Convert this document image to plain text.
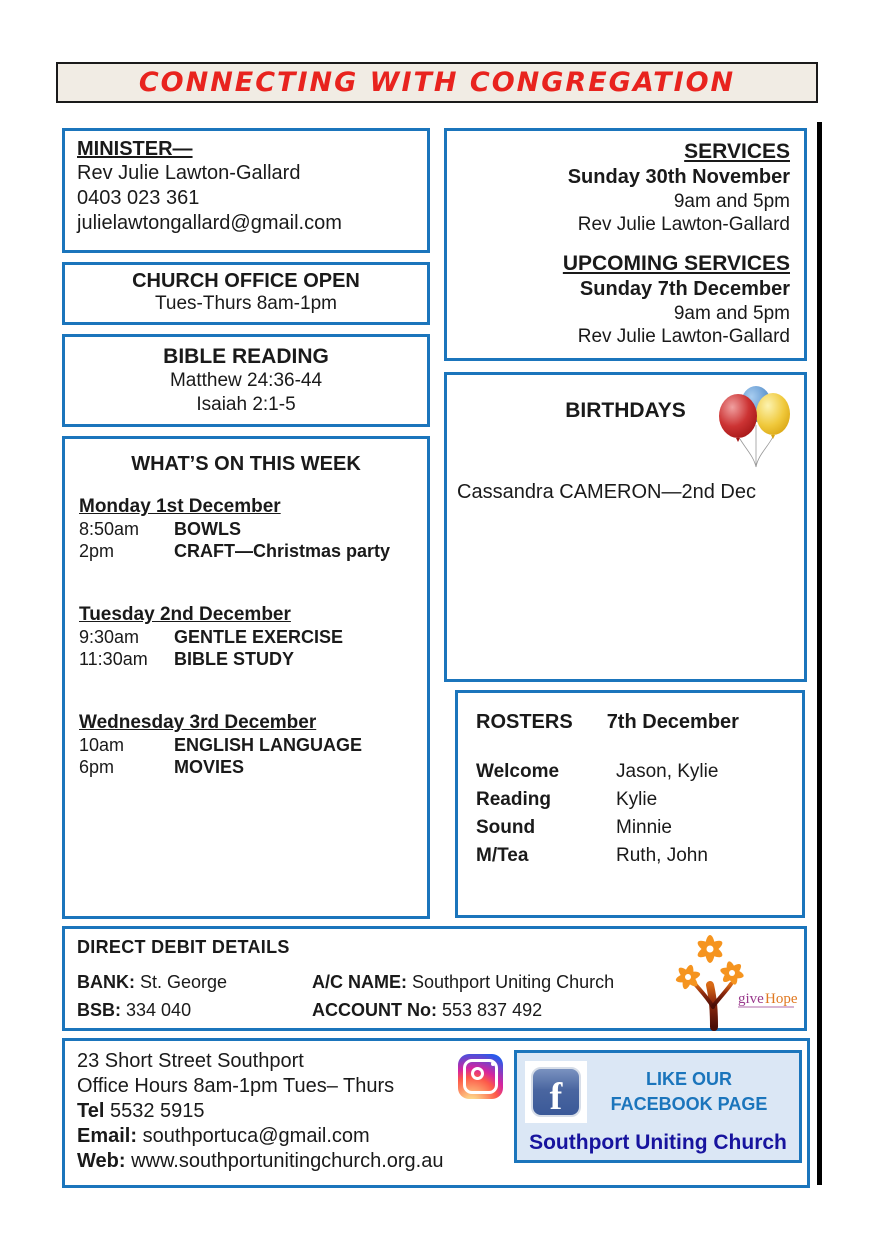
CONNECTING WITH CONGREGATION
MINISTER—
Rev Julie Lawton-Gallard
0403 023 361
julielawtongallard@gmail.com
CHURCH OFFICE OPEN
Tues-Thurs 8am-1pm
BIBLE READING
Matthew 24:36-44
Isaiah 2:1-5
WHAT’S ON THIS WEEK
Monday 1st December
8:50am	BOWLS
2pm	CRAFT—Christmas party
Tuesday 2nd December
9:30am	GENTLE EXERCISE
11:30am	BIBLE STUDY
Wednesday 3rd December
10am	ENGLISH LANGUAGE
6pm	MOVIES
SERVICES
Sunday 30th November
9am and 5pm
Rev Julie Lawton-Gallard
UPCOMING SERVICES
Sunday 7th December
9am and 5pm
Rev Julie Lawton-Gallard
BIRTHDAYS
Cassandra CAMERON—2nd Dec
ROSTERS 7th December
Welcome	Jason, Kylie
Reading	Kylie
Sound	Minnie
M/Tea	Ruth, John
DIRECT DEBIT DETAILS
BANK: St. George	A/C NAME: Southport Uniting Church
BSB: 334 040	ACCOUNT No: 553 837 492
give Hope
23 Short Street Southport
Office Hours 8am-1pm Tues– Thurs
Tel 5532 5915
Email: southportuca@gmail.com
Web: www.southportunitingchurch.org.au
f	LIKE OUR
FACEBOOK PAGE
Southport Uniting Church
